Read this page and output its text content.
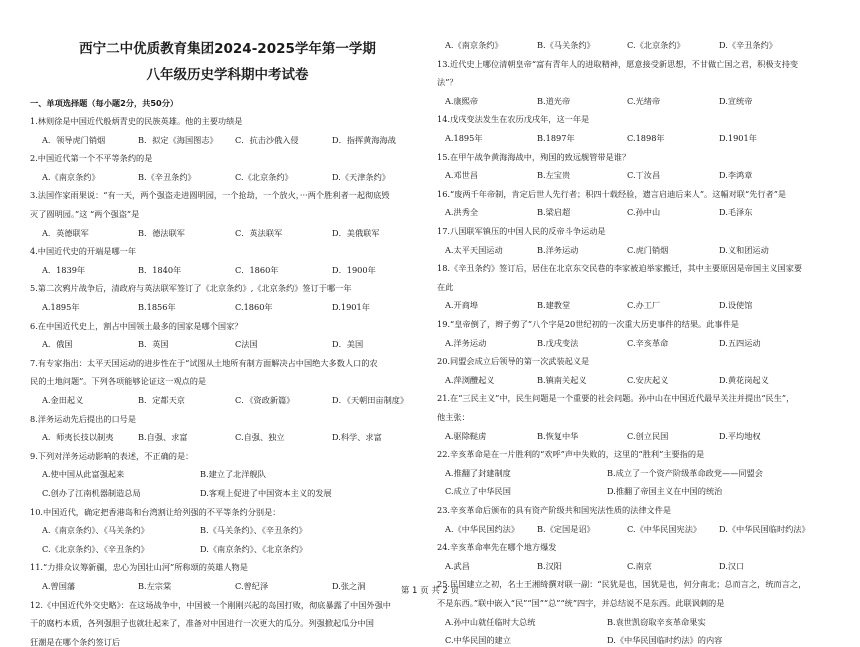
西宁二中优质教育集团2024-2025学年第一学期
八年级历史学科期中考试卷
一、单项选择题（每小题2分，共50分）
1.林则徐是中国近代般炳青史的民族英雄。他的主要功绩是
A．领导虎门销烟	B．拟定《海国图志》 C．抗击沙俄入侵	D．指挥黄海海战
2.中国近代第一个不平等条约的是
A.《南京条约》	B.《辛丑条约》	C.《北京条约》	D.《天津条约》
3.法国作家雨果说：“有一天，两个强盗走进圆明园，一个抢劫，一个放火，···两个胜利者一起彻底毁
灭了圆明园。”这 “两个强盗”是
A．英德联军	B．德法联军	C．英法联军	D．美俄联军
4.中国近代史的开端是哪一年
A．1839年	B．1840年	C．1860年	D．1900年
5.第二次鸦片战争后，清政府与英法联军签订了《北京条约》,《北京条约》签订于哪一年
A.1895年	B.1856年	C.1860年	D.1901年
6.在中国近代史上，割占中国领土最多的国家是哪个国家？
A．俄国	B．英国	C法国	D．美国
7.有专家指出：太平天国运动的进步性在于“试图从土地所有制方面解决占中国绝大多数人口的农
民的土地问题”。下列各项能够论证这一观点的是
A.金田起义	B．定都天京	C．《资政新篇》	D．《天朝田亩制度》
8.洋务运动先后提出的口号是
A．师夷长技以制夷	B.自强、求富	C.自强、独立	D.科学、求富
9.下列对洋务运动影响的表述，不正确的是：
A.使中国从此富强起来	B.建立了北洋舰队
C.创办了江南机器制造总局	D.客观上促进了中国资本主义的发展
10.中国近代，确定把香港岛和台湾割让给列强的不平等条约分别是：
A.《南京条约》、《马关条约》	B.《马关条约》、《辛丑条约》
C.《北京条约》、《辛丑条约》	D.《南京条约》、《北京条约》
11.“力排众议筹新疆，忠心为国壮山河”所称颂的英雄人物是
A.曾国藩	B.左宗棠	C.曾纪泽	D.张之洞
12.《中国近代外交史略》：在这场战争中，中国被一个刚刚兴起的岛国打败，彻底暴露了中国外强中
干的腐朽本质，各列强胆子也就壮起来了，准备对中国进行一次更大的瓜分。列强掀起瓜分中国
狂潮是在哪个条约签订后
A.《南京条约》	B.《马关条约》	C.《北京条约》	D.《辛丑条约》
13.近代史上哪位清朝皇帝“富有青年人的进取精神，愿意接受新思想，不甘做亡国之君，积极支持变
法”？
A.康熙帝	B.道光帝	C.光绪帝	D.宣统帝
14.戊戌变法发生在农历戊戌年，这一年是
A.1895年	B.1897年	C.1898年	D.1901年
15.在甲午战争黄海海战中，殉国的致远舰管带是谁？
A.邓世昌	B.左宝贵	C.丁汝昌	D.李鸿章
16.“废两千年帝制，肯定后世人先行者；积四十载经验，遗言启迪后来人”。这幅对联“先行者”是
A.洪秀全	B.梁启超	C.孙中山	D.毛泽东
17.八国联军镇压的中国人民的反帝斗争运动是
A.太平天国运动	B.洋务运动	C.虎门销烟	D.义和团运动
18.《辛丑条约》签订后，居住在北京东交民巷的李家被迫举家搬迁，其中主要原因是帝国主义国家要
在此
A.开商埠	B.建教堂	C.办工厂	D.设使馆
19.“皇帝倒了，辫子剪了”八个字是20世纪初的一次重大历史事件的结果。此事件是
A.洋务运动	B.戊戌变法	C.辛亥革命	D.五四运动
20.同盟会成立后领导的第一次武装起义是
A.萍浏醴起义	B.镇南关起义	C.安庆起义	D.黄花岗起义
21.在“三民主义”中，民生问题是一个重要的社会问题。孙中山在中国近代最早关注并提出“民生”，
他主张：
A.驱除鞑虏	B.恢复中华	C.创立民国	D.平均地权
22.辛亥革命是在一片胜利的“欢呼”声中失败的，这里的“胜利”主要指的是
A.推翻了封建制度	B.成立了一个资产阶级革命政党——同盟会
C.成立了中华民国	D.推翻了帝国主义在中国的统治
23.辛亥革命后颁布的具有资产阶级共和国宪法性质的法律文件是
A.《中华民国约法》 B.《定国是诏》	C.《中华民国宪法》 D.《中华民国临时约法》
24.辛亥革命率先在哪个地方爆发
A.武昌	B.汉阳	C.南京	D.汉口
25.民国建立之初，名士王湘绮撰对联一副：“民犹是也，国犹是也，何分南北；总而言之，统而言之，
不是东西。”联中嵌入“民”“国”“总”“统”四字，并总结说不是东西。此联讽刺的是
A.孙中山就任临时大总统	B.袁世凯窃取辛亥革命果实
C.中华民国的建立	D.《中华民国临时约法》的内容
第 1 页 共 2 页
